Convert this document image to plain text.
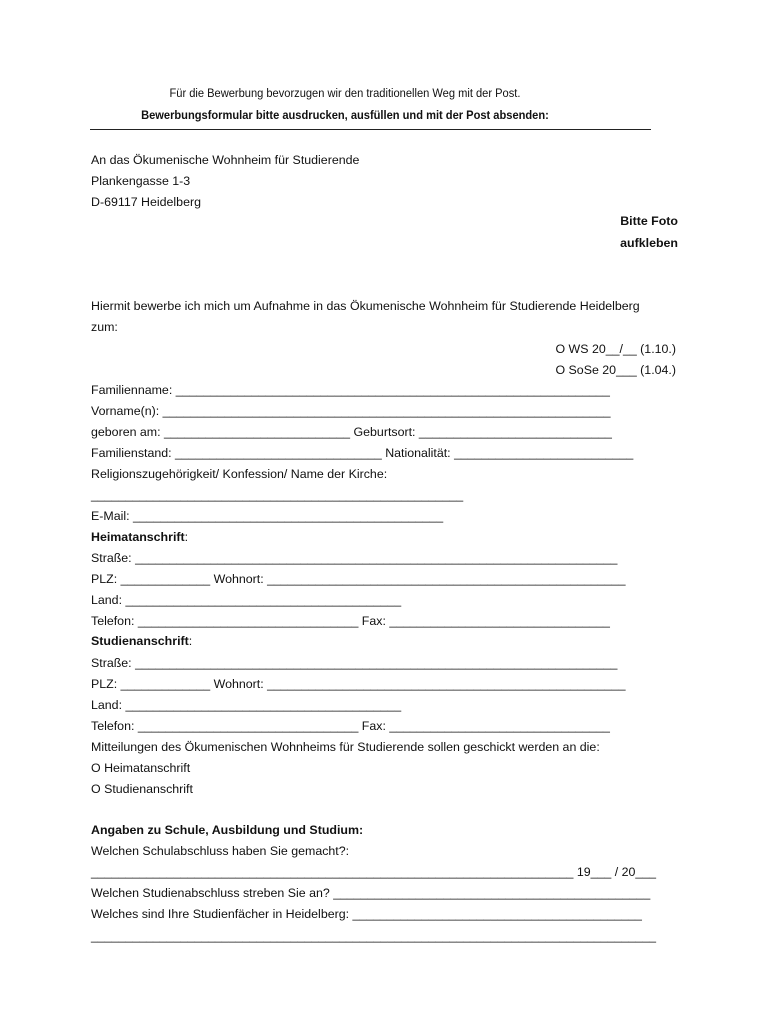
Für die Bewerbung bevorzugen wir den traditionellen Weg mit der Post.
Bewerbungsformular bitte ausdrucken, ausfüllen und mit der Post absenden:
An das Ökumenische Wohnheim für Studierende
Plankengasse 1-3
D-69117 Heidelberg
Bitte Foto
aufkleben
Hiermit bewerbe ich mich um Aufnahme in das Ökumenische Wohnheim für Studierende Heidelberg
zum:
O WS 20__/__ (1.10.)
O SoSe 20___ (1.04.)
Familienname: _______________________________________________________________
Vorname(n): _________________________________________________________________
geboren am: ___________________________ Geburtsort: ____________________________
Familienstand: ______________________________ Nationalität: __________________________
Religionszugehörigkeit/ Konfession/ Name der Kirche:
______________________________________________________
E-Mail: _____________________________________________
Heimatanschrift:
Straße: ______________________________________________________________________
PLZ: _____________ Wohnort: ____________________________________________________
Land: ________________________________________
Telefon: ________________________________ Fax: ________________________________
Studienanschrift:
Straße: ______________________________________________________________________
PLZ: _____________ Wohnort: ____________________________________________________
Land: ________________________________________
Telefon: ________________________________ Fax: ________________________________
Mitteilungen des Ökumenischen Wohnheims für Studierende sollen geschickt werden an die:
O Heimatanschrift
O Studienanschrift
Angaben zu Schule, Ausbildung und Studium:
Welchen Schulabschluss haben Sie gemacht?:
______________________________________________________________________ 19___ / 20___
Welchen Studienabschluss streben Sie an? ______________________________________________
Welches sind Ihre Studienfächer in Heidelberg: __________________________________________
__________________________________________________________________________________
